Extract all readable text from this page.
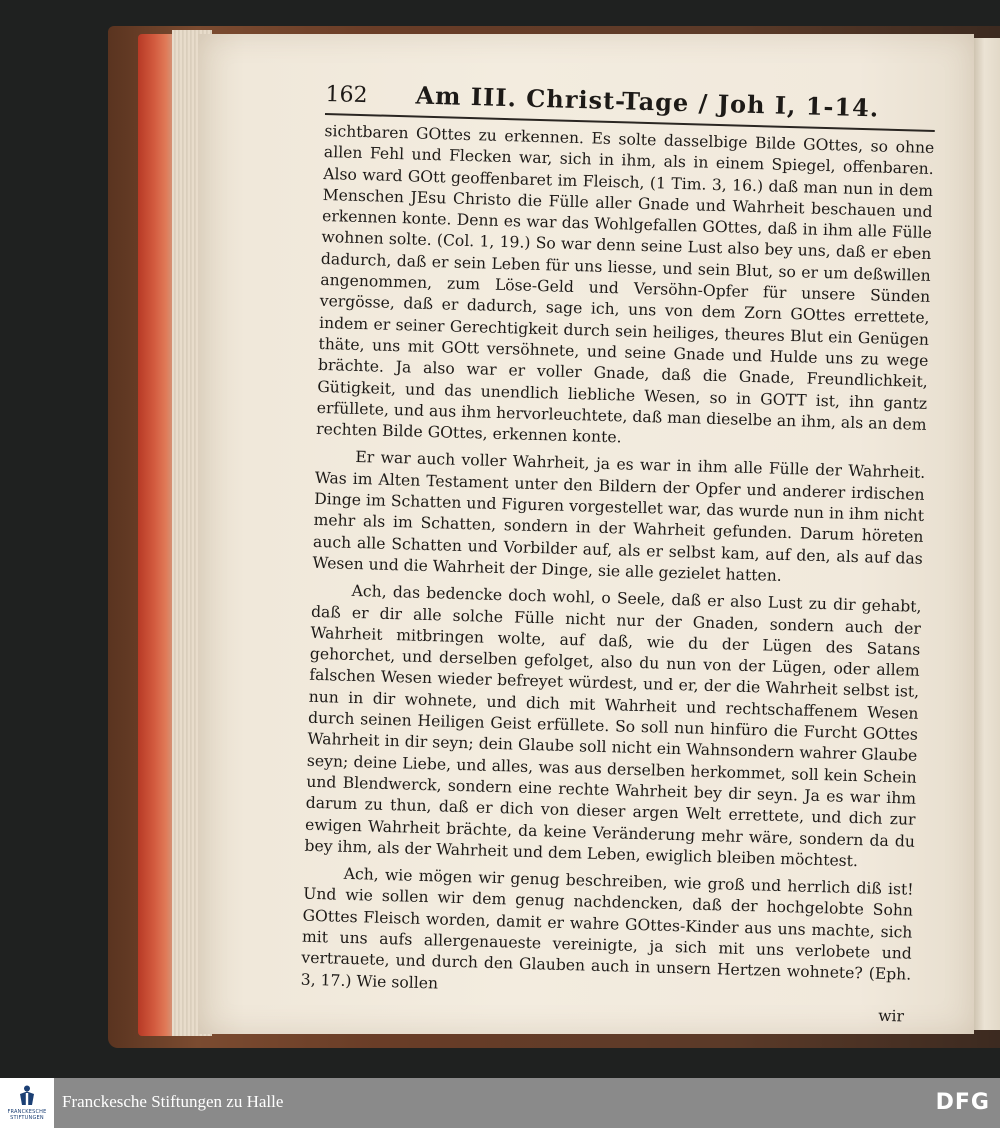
162	Am III. Christ-Tage / Joh I, 1-14.

sichtbaren GOttes zu erkennen. Es solte dasselbige Bilde GOttes, so ohne allen Fehl und Flecken war, sich in ihm, als in einem Spiegel, offenbaren. Also ward GOtt geoffenbaret im Fleisch, (1 Tim. 3, 16.) daß man nun in dem Menschen JEsu Christo die Fülle aller Gnade und Wahrheit beschauen und erkennen konte. Denn es war das Wohlgefallen GOttes, daß in ihm alle Fülle wohnen solte. (Col. 1, 19.) So war denn seine Lust also bey uns, daß er eben dadurch, daß er sein Leben für uns liesse, und sein Blut, so er um deßwillen angenommen, zum Löse-Geld und Versöhn-Opfer für unsere Sünden vergösse, daß er dadurch, sage ich, uns von dem Zorn GOttes errettete, indem er seiner Gerechtigkeit durch sein heiliges, theures Blut ein Genügen thäte, uns mit GOtt versöhnete, und seine Gnade und Hulde uns zu wege brächte. Ja also war er voller Gnade, daß die Gnade, Freundlichkeit, Gütigkeit, und das unendlich liebliche Wesen, so in GOTT ist, ihn gantz erfüllete, und aus ihm hervorleuchtete, daß man dieselbe an ihm, als an dem rechten Bilde GOttes, erkennen konte.

Er war auch voller Wahrheit, ja es war in ihm alle Fülle der Wahrheit. Was im Alten Testament unter den Bildern der Opfer und anderer irdischen Dinge im Schatten und Figuren vorgestellet war, das wurde nun in ihm nicht mehr als im Schatten, sondern in der Wahrheit gefunden. Darum höreten auch alle Schatten und Vorbilder auf, als er selbst kam, auf den, als auf das Wesen und die Wahrheit der Dinge, sie alle gezielet hatten.

Ach, das bedencke doch wohl, o Seele, daß er also Lust zu dir gehabt, daß er dir alle solche Fülle nicht nur der Gnaden, sondern auch der Wahrheit mitbringen wolte, auf daß, wie du der Lügen des Satans gehorchet, und derselben gefolget, also du nun von der Lügen, oder allem falschen Wesen wieder befreyet würdest, und er, der die Wahrheit selbst ist, nun in dir wohnete, und dich mit Wahrheit und rechtschaffenem Wesen durch seinen Heiligen Geist erfüllete. So soll nun hinfüro die Furcht GOttes Wahrheit in dir seyn; dein Glaube soll nicht ein Wahnsondern wahrer Glaube seyn; deine Liebe, und alles, was aus derselben herkommet, soll kein Schein und Blendwerck, sondern eine rechte Wahrheit bey dir seyn. Ja es war ihm darum zu thun, daß er dich von dieser argen Welt errettete, und dich zur ewigen Wahrheit brächte, da keine Veränderung mehr wäre, sondern da du bey ihm, als der Wahrheit und dem Leben, ewiglich bleiben möchtest.

Ach, wie mögen wir genug beschreiben, wie groß und herrlich diß ist! Und wie sollen wir dem genug nachdencken, daß der hochgelobte Sohn GOttes Fleisch worden, damit er wahre GOttes-Kinder aus uns machte, sich mit uns aufs allergenaueste vereinigte, ja sich mit uns verlobete und vertrauete, und durch den Glauben auch in unsern Hertzen wohnete? (Eph. 3, 17.) Wie sollen

wir
FRANCKESCHE
STIFTUNGEN
Franckesche Stiftungen zu Halle	DFG
